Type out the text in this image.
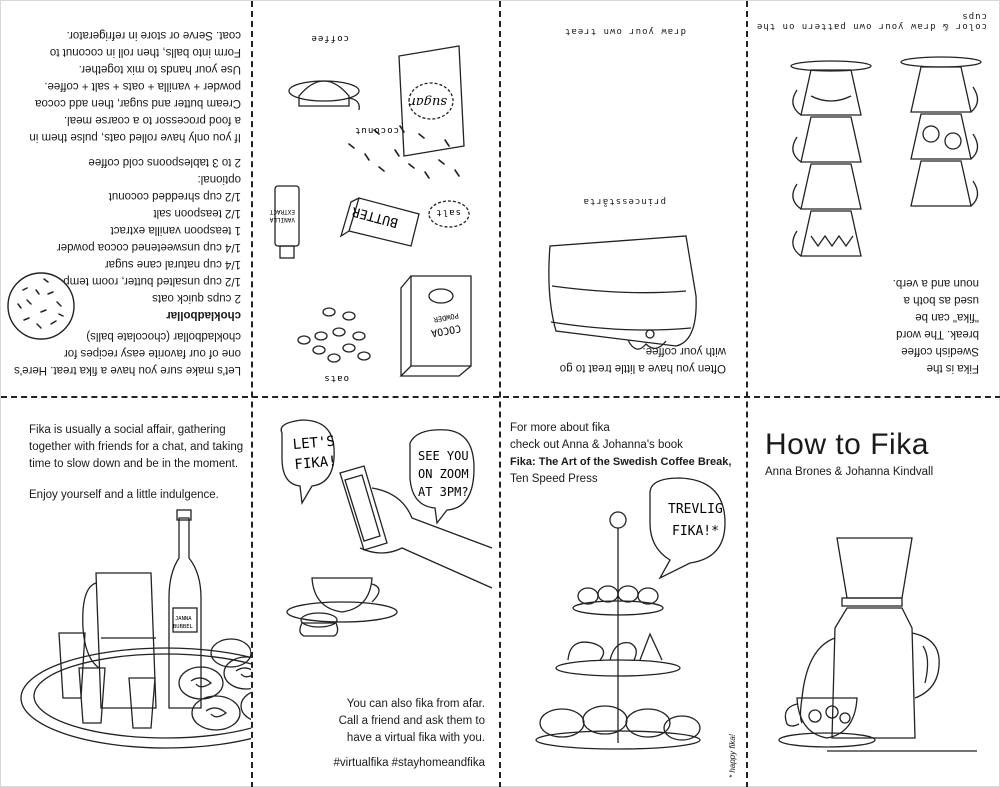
Let's make sure you have a fika treat. Here's

one of our favorite easy recipes for

chokladbollar (chocolate balls)

chokladbollar

2 cups quick oats

1/2 cup unsalted butter, room temp

1/4 cup natural cane sugar

1/4 cup unsweetened cocoa powder

1 teaspoon vanilla extract

1/2 teaspoon salt

1/2 cup shredded coconut

optional:

2 to 3 tablespoons cold coffee

If you only have rolled oats, pulse them in

a food processor to a coarse meal.

Cream butter and sugar, then add cocoa

powder + vanilla + oats + salt + coffee.

Use your hands to mix together.

Form into balls, then roll in coconut to

coat. Serve or store in refrigerator.

COCOA
POWDER
oats
BUTTER
VANILLA
EXTRACT	salt
coconut
sugar
coffee

Often you have a little treat to go

with your coffee.

princesstårta
draw your own treat

Fika is the

Swedish coffee

break. The word

"fika" can be

used as both a

noun and a verb.

color & draw your own pattern on the cups

Fika is usually a social affair, gathering

together with friends for a chat, and taking

time to slow down and be in the moment.

Enjoy yourself and a little indulgence.

JANNA
BUBBEL
LET'S
FIKA!	SEE YOU
ON ZOOM
AT 3PM?

You can also fika from afar.

Call a friend and ask them to

have a virtual fika with you.

#virtualfika #stayhomeandfika

For more about fika

check out Anna & Johanna's book

Fika: The Art of the Swedish Coffee Break,

Ten Speed Press

TREVLIG
FIKA!*
* happy fika!
How to Fika
Anna Brones & Johanna Kindvall
